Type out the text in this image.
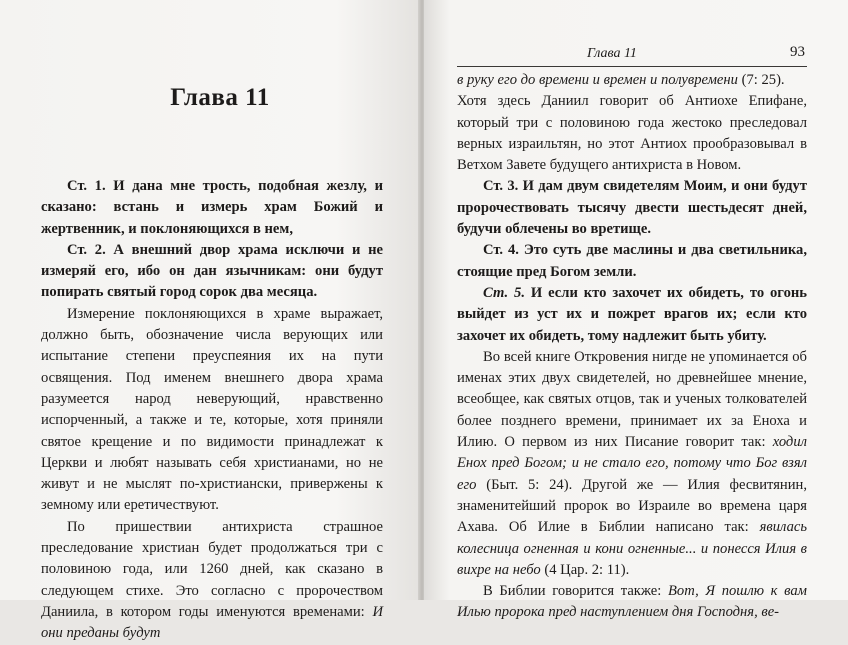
Глава 11

Ст. 1. И дана мне трость, подобная жезлу, и сказано: встань и измерь храм Божий и жертвенник, и поклоняющихся в нем,

Ст. 2. А внешний двор храма исключи и не измеряй его, ибо он дан язычникам: они будут попирать святый город сорок два месяца.

Измерение поклоняющихся в храме выражает, должно быть, обозначение числа верующих или испытание степени преуспеяния их на пути освящения. Под именем внешнего двора храма разумеется народ неверующий, нравственно испорченный, а также и те, которые, хотя приняли святое крещение и по видимости принадлежат к Церкви и любят называть себя христианами, но не живут и не мыслят по-христиански, привержены к земному или еретичествуют.

По пришествии антихриста страшное преследование христиан будет продолжаться три с половиною года, или 1260 дней, как сказано в следующем стихе. Это согласно с пророчеством Даниила, в котором годы именуются временами: И они преданы будут

Глава 11	93

в руку его до времени и времен и полувремени (7: 25).
Хотя здесь Даниил говорит об Антиохе Епифане, который три с половиною года жестоко преследовал верных израильтян, но этот Антиох прообразовывал в Ветхом Завете будущего антихриста в Новом.

Ст. 3. И дам двум свидетелям Моим, и они будут пророчествовать тысячу двести шестьдесят дней, будучи облечены во вретище.

Ст. 4. Это суть две маслины и два светильника, стоящие пред Богом земли.

Ст. 5. И если кто захочет их обидеть, то огонь выйдет из уст их и пожрет врагов их; если кто захочет их обидеть, тому надлежит быть убиту.

Во всей книге Откровения нигде не упоминается об именах этих двух свидетелей, но древнейшее мнение, всеобщее, как святых отцов, так и ученых толкователей более позднего времени, принимает их за Еноха и Илию. О первом из них Писание говорит так: ходил Енох пред Богом; и не стало его, потому что Бог взял его (Быт. 5: 24). Другой же — Илия фесвитянин, знаменитейший пророк во Израиле во времена царя Ахава. Об Илие в Библии написано так: явилась колесница огненная и кони огненные... и понесся Илия в вихре на небо (4 Цар. 2: 11).

В Библии говорится также: Вот, Я пошлю к вам Илью пророка пред наступлением дня Господня, ве-
